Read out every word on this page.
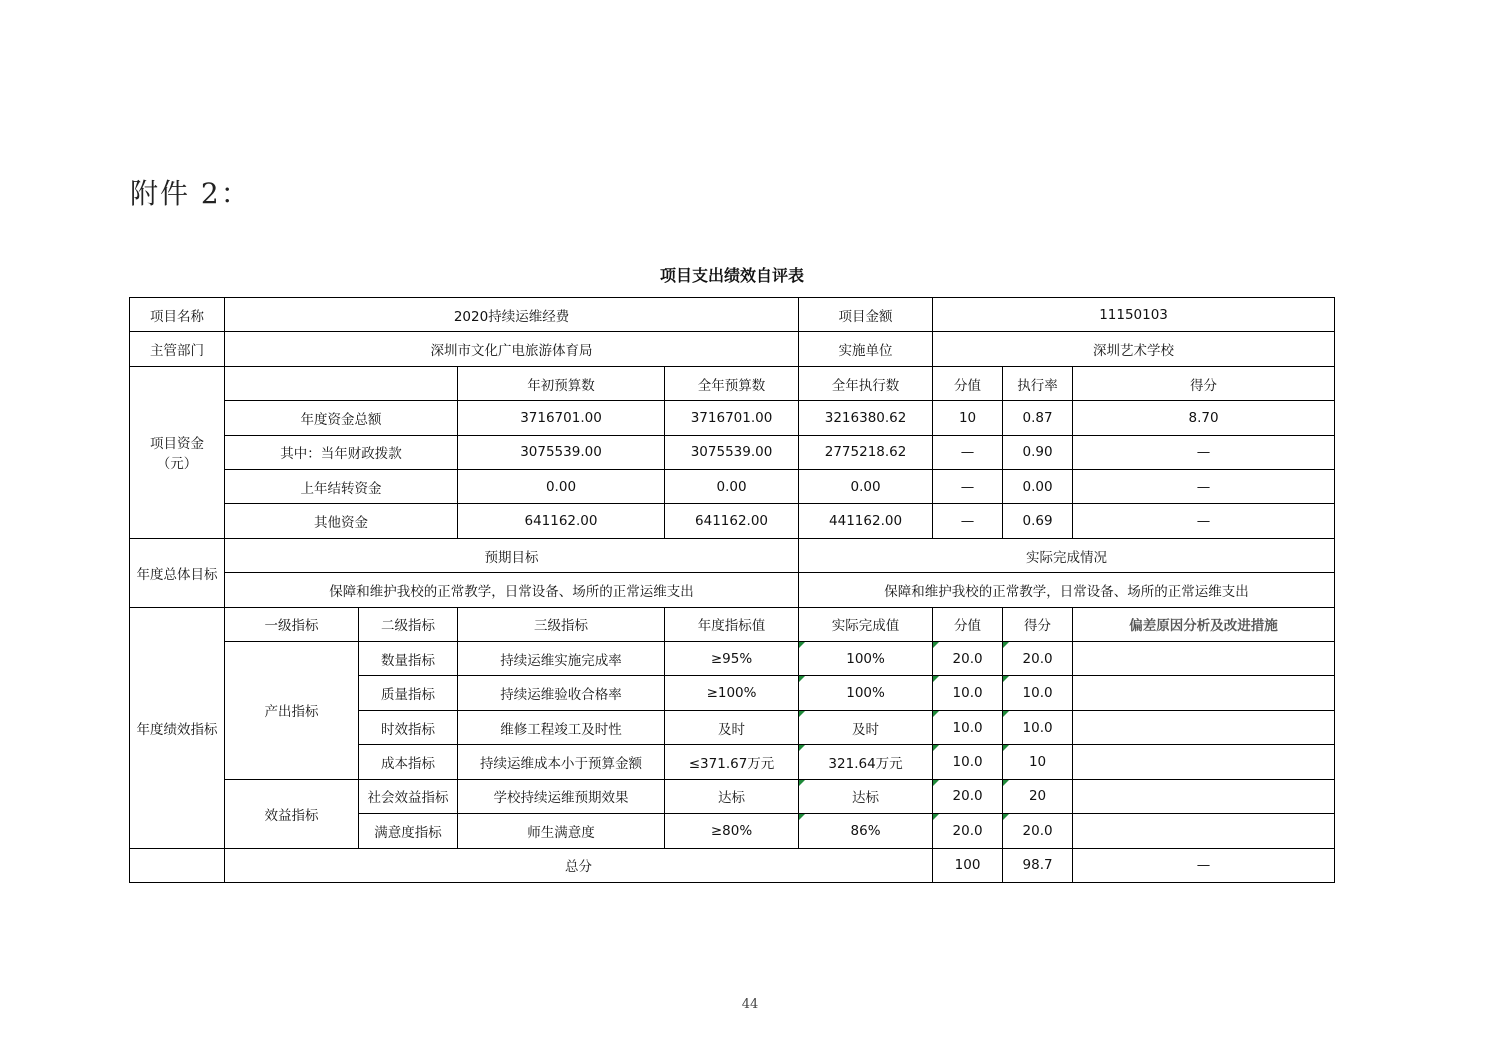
附件 2：
项目支出绩效自评表
项目名称	2020持续运维经费				项目金额	11150103		
主管部门	深圳市文化广电旅游体育局				实施单位	深圳艺术学校		

项目资金
（元）			年初预算数	全年预算数	全年执行数	分值	执行率	得分
	年度资金总额		3716701.00	3716701.00	3216380.62	10	0.87	8.70
	其中：当年财政拨款		3075539.00	3075539.00	2775218.62	—	0.90	—
	上年结转资金		0.00	0.00	0.00	—	0.00	—
	其他资金		641162.00	641162.00	441162.00	—	0.69	—
年度总体目标	预期目标				实际完成情况			
	保障和维护我校的正常教学，日常设备、场所的正常运维支出				保障和维护我校的正常教学，日常设备、场所的正常运维支出			
年度绩效指标	一级指标	二级指标	三级指标	年度指标值	实际完成值	分值	得分	偏差原因分析及改进措施
	产出指标	数量指标	持续运维实施完成率	≥95%	100%	20.0	20.0	
		质量指标	持续运维验收合格率	≥100%	100%	10.0	10.0	
		时效指标	维修工程竣工及时性	及时	及时	10.0	10.0	
		成本指标	持续运维成本小于预算金额	≤371.67万元	321.64万元	10.0	10	
	效益指标	社会效益指标	学校持续运维预期效果	达标	达标	20.0	20	
		满意度指标	师生满意度	≥80%	86%	20.0	20.0	
	总分					100	98.7	—
44
